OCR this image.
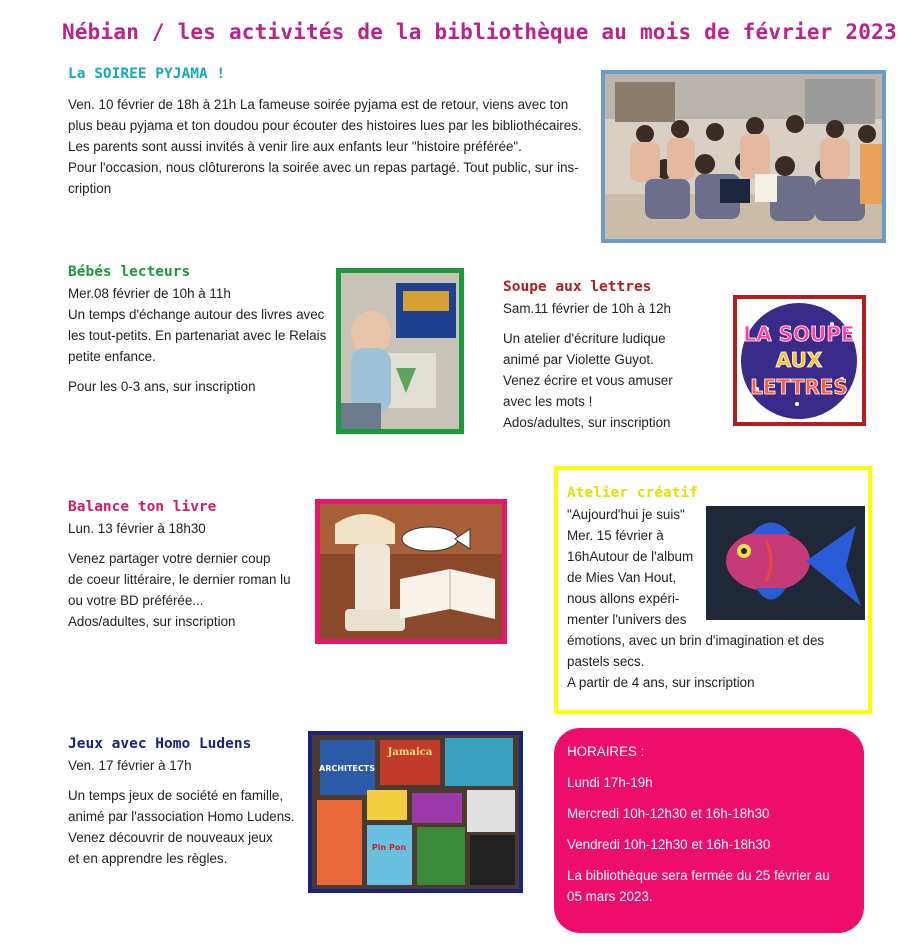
Nébian / les activités de la bibliothèque au mois de février 2023
La SOIREE PYJAMA !
Ven. 10 février de 18h à 21h La fameuse soirée pyjama est de retour, viens avec ton
plus beau pyjama et ton doudou pour écouter des histoires lues par les bibliothécaires.
Les parents sont aussi invités à venir lire aux enfants leur "histoire préférée".
Pour l'occasion, nous clôturerons la soirée avec un repas partagé. Tout public, sur ins-
cription
Bébés lecteurs
Mer.08 février de 10h à 11h
Un temps d'échange autour des livres avec
les tout-petits. En partenariat avec le Relais
petite enfance.
Pour les 0-3 ans, sur inscription
Soupe aux lettres
Sam.11 février de 10h à 12h
Un atelier d'écriture ludique
animé par Violette Guyot.
Venez écrire et vous amuser
avec les mots !
Ados/adultes, sur inscription
LA SOUPE
AUX
LETTRES
Balance ton livre
Lun. 13 février à 18h30
Venez partager votre dernier coup
de coeur littéraire, le dernier roman lu
ou votre BD préférée...
Ados/adultes, sur inscription
Atelier créatif
"Aujourd'hui je suis"
Mer. 15 février à
16hAutour de l'album
de Mies Van Hout,
nous allons expéri-
menter l'univers des
émotions, avec un brin d'imagination et des
pastels secs.
A partir de 4 ans, sur inscription
Jeux avec Homo Ludens
Ven. 17 février à 17h
Un temps jeux de société en famille,
animé par l'association Homo Ludens.
Venez découvrir de nouveaux jeux
et en apprendre les règles.
ARCHITECTS
Jamaica
Pin Pon
HORAIRES :
Lundi 17h-19h
Mercredi 10h-12h30 et 16h-18h30
Vendredi 10h-12h30 et 16h-18h30
La bibliothèque sera fermée du 25 février au
05 mars 2023.
